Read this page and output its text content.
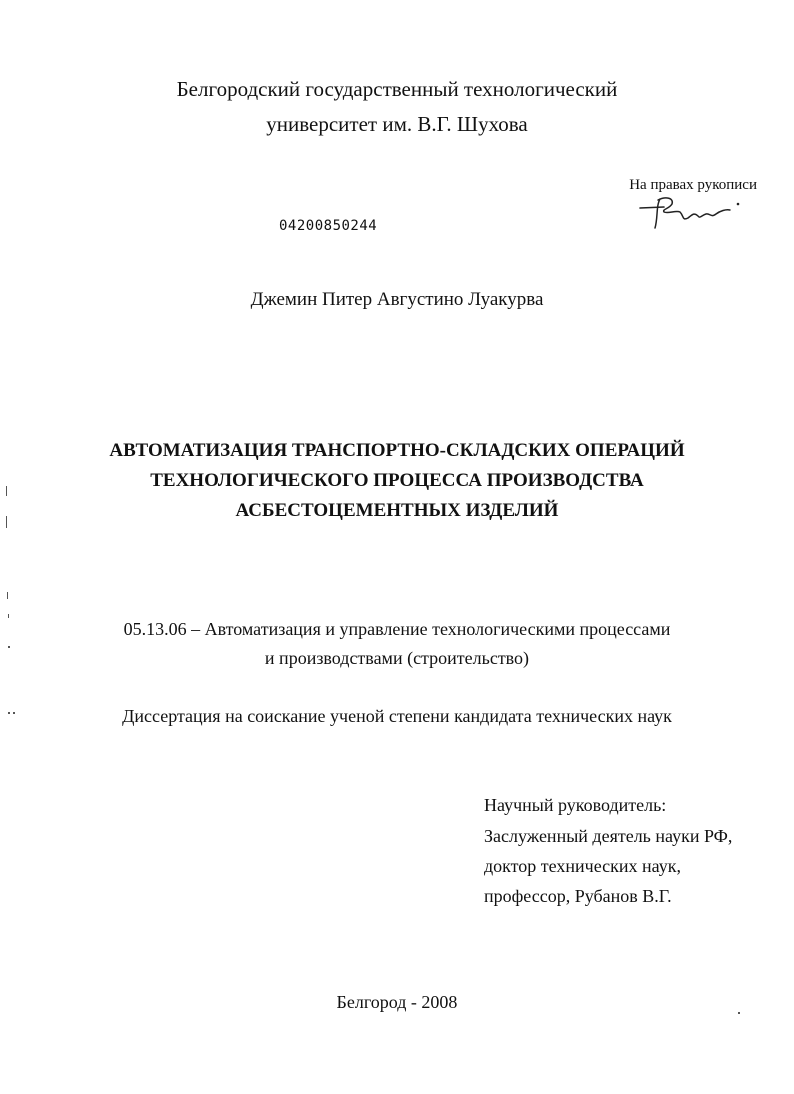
Белгородский государственный технологический
университет им. В.Г. Шухова
На правах рукописи
04200850244
Джемин Питер Августино Луакурва
АВТОМАТИЗАЦИЯ ТРАНСПОРТНО-СКЛАДСКИХ ОПЕРАЦИЙ
ТЕХНОЛОГИЧЕСКОГО ПРОЦЕССА ПРОИЗВОДСТВА
АСБЕСТОЦЕМЕНТНЫХ ИЗДЕЛИЙ
05.13.06 – Автоматизация и управление технологическими процессами
и производствами (строительство)
Диссертация на соискание ученой степени кандидата технических наук
Научный руководитель:
Заслуженный деятель науки РФ,
доктор технических наук,
профессор, Рубанов В.Г.
Белгород - 2008
